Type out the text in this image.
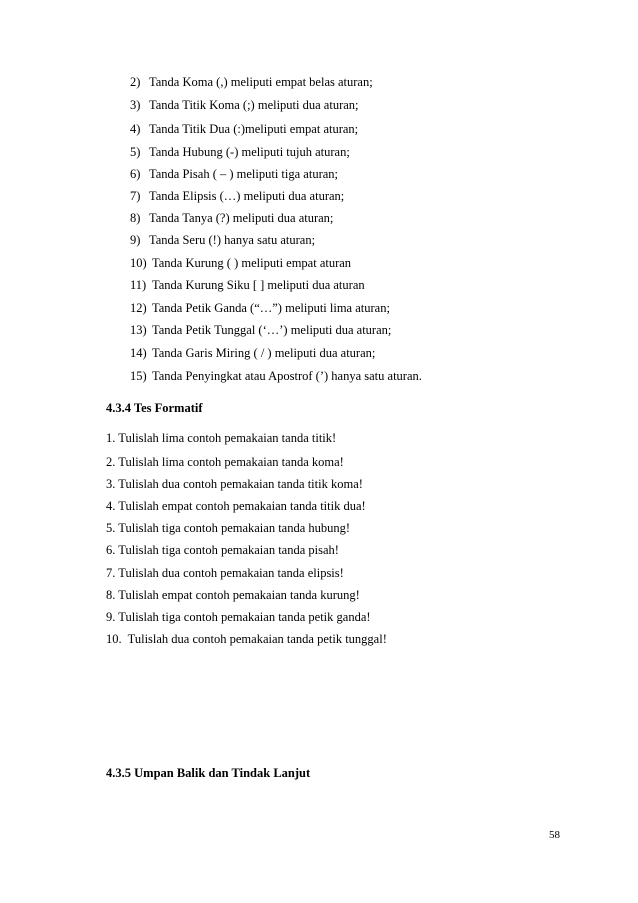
2) Tanda Koma (,) meliputi empat belas aturan;
3) Tanda Titik Koma (;) meliputi dua aturan;
4) Tanda Titik Dua (:)meliputi empat aturan;
5) Tanda Hubung (-) meliputi tujuh aturan;
6) Tanda Pisah ( – ) meliputi tiga aturan;
7) Tanda Elipsis (…) meliputi dua aturan;
8) Tanda Tanya (?) meliputi dua aturan;
9) Tanda Seru (!) hanya satu aturan;
10) Tanda Kurung ( ) meliputi empat aturan
11) Tanda Kurung Siku [ ] meliputi dua aturan
12) Tanda Petik Ganda (“…”) meliputi lima aturan;
13) Tanda Petik Tunggal (‘…’) meliputi dua aturan;
14) Tanda Garis Miring ( / ) meliputi dua aturan;
15) Tanda Penyingkat atau Apostrof (’) hanya satu aturan.
4.3.4 Tes Formatif
1. Tulislah lima contoh pemakaian tanda titik!
2. Tulislah lima contoh pemakaian tanda koma!
3. Tulislah dua contoh pemakaian tanda titik koma!
4. Tulislah empat contoh pemakaian tanda titik dua!
5. Tulislah tiga contoh pemakaian tanda hubung!
6. Tulislah tiga contoh pemakaian tanda pisah!
7. Tulislah dua contoh pemakaian tanda elipsis!
8. Tulislah empat contoh pemakaian tanda kurung!
9. Tulislah tiga contoh pemakaian tanda petik ganda!
10.  Tulislah dua contoh pemakaian tanda petik tunggal!
4.3.5 Umpan Balik dan Tindak Lanjut
58
